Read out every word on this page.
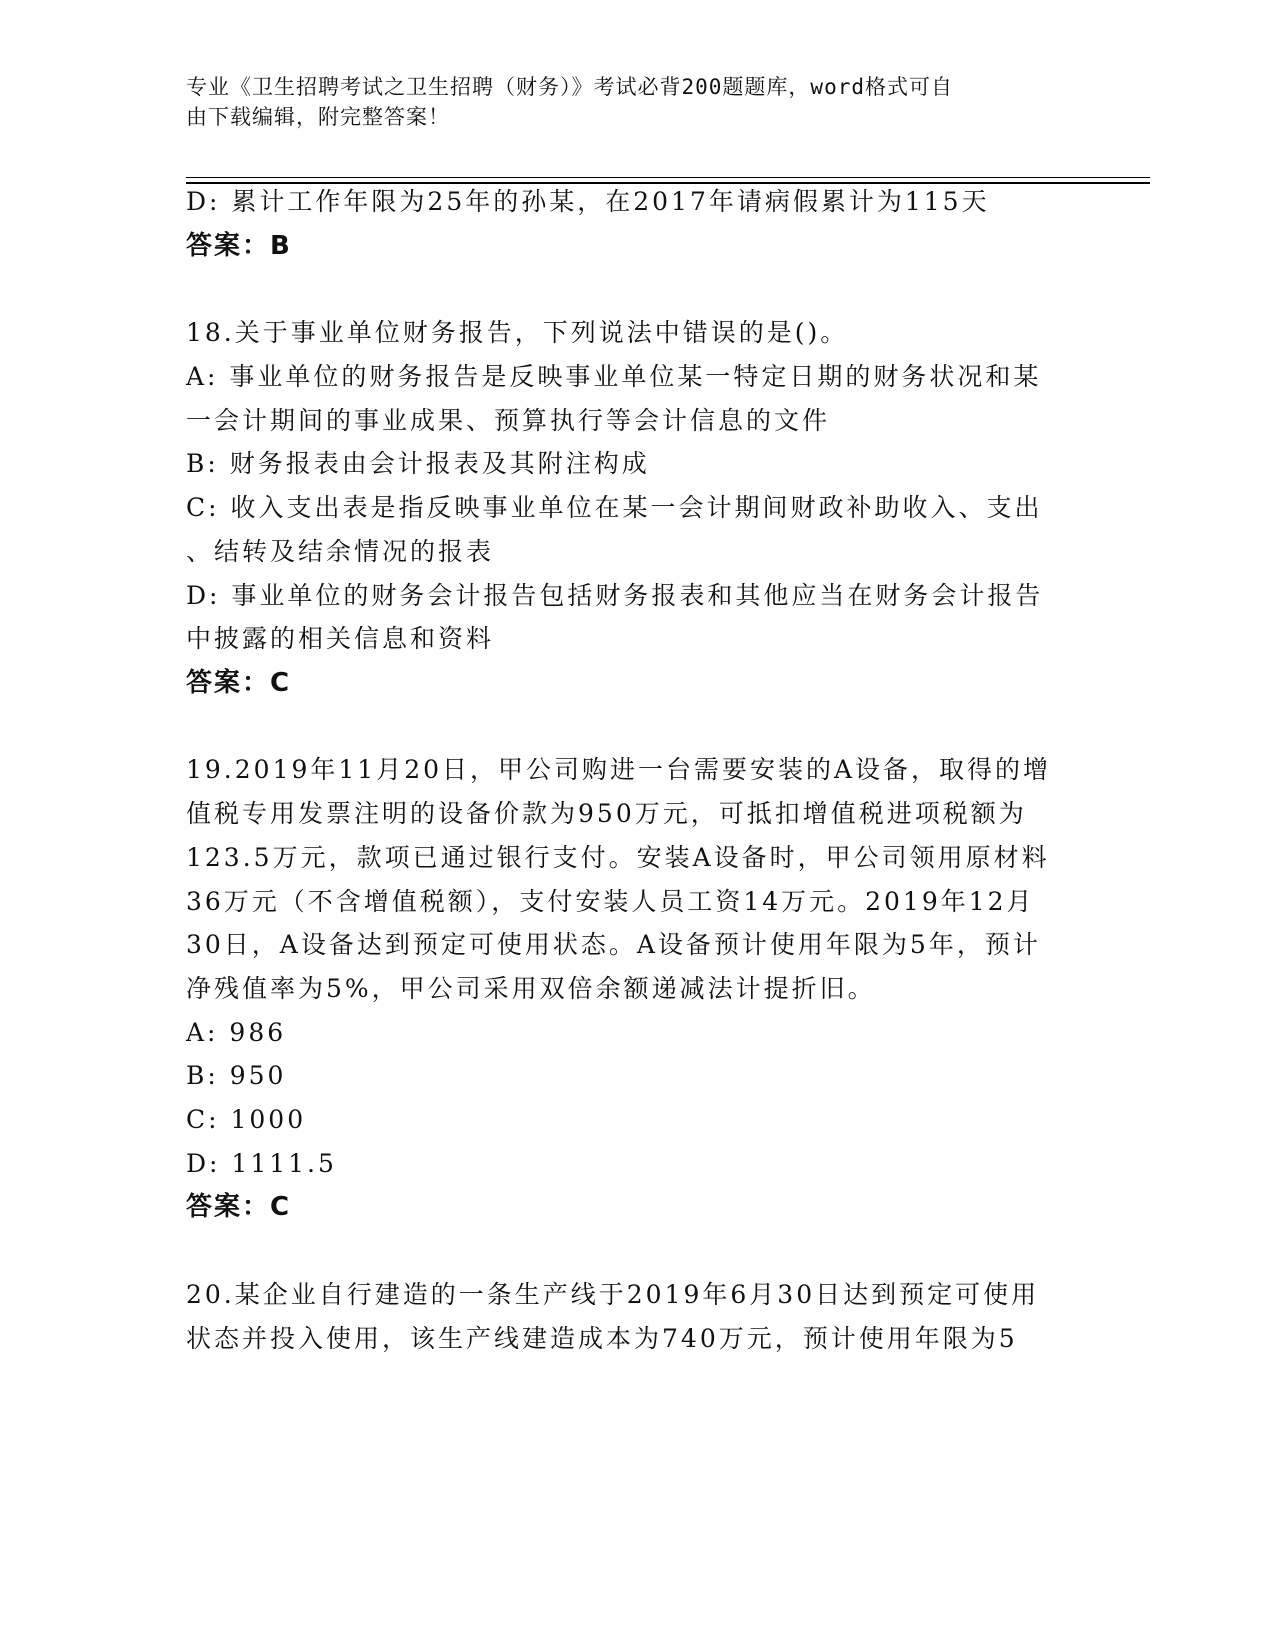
专业《卫生招聘考试之卫生招聘（财务）》考试必背200题题库，word格式可自
由下载编辑，附完整答案！
D: 累计工作年限为25年的孙某，在2017年请病假累计为115天
答案：B
18.关于事业单位财务报告，下列说法中错误的是()。
A: 事业单位的财务报告是反映事业单位某一特定日期的财务状况和某
一会计期间的事业成果、预算执行等会计信息的文件
B: 财务报表由会计报表及其附注构成
C: 收入支出表是指反映事业单位在某一会计期间财政补助收入、支出
、结转及结余情况的报表
D: 事业单位的财务会计报告包括财务报表和其他应当在财务会计报告
中披露的相关信息和资料
答案：C
19.2019年11月20日，甲公司购进一台需要安装的A设备，取得的增
值税专用发票注明的设备价款为950万元，可抵扣增值税进项税额为
123.5万元，款项已通过银行支付。安装A设备时，甲公司领用原材料
36万元（不含增值税额），支付安装人员工资14万元。2019年12月
30日，A设备达到预定可使用状态。A设备预计使用年限为5年，预计
净残值率为5%，甲公司采用双倍余额递减法计提折旧。
A: 986
B: 950
C: 1000
D: 1111.5
答案：C
20.某企业自行建造的一条生产线于2019年6月30日达到预定可使用
状态并投入使用，该生产线建造成本为740万元，预计使用年限为5
